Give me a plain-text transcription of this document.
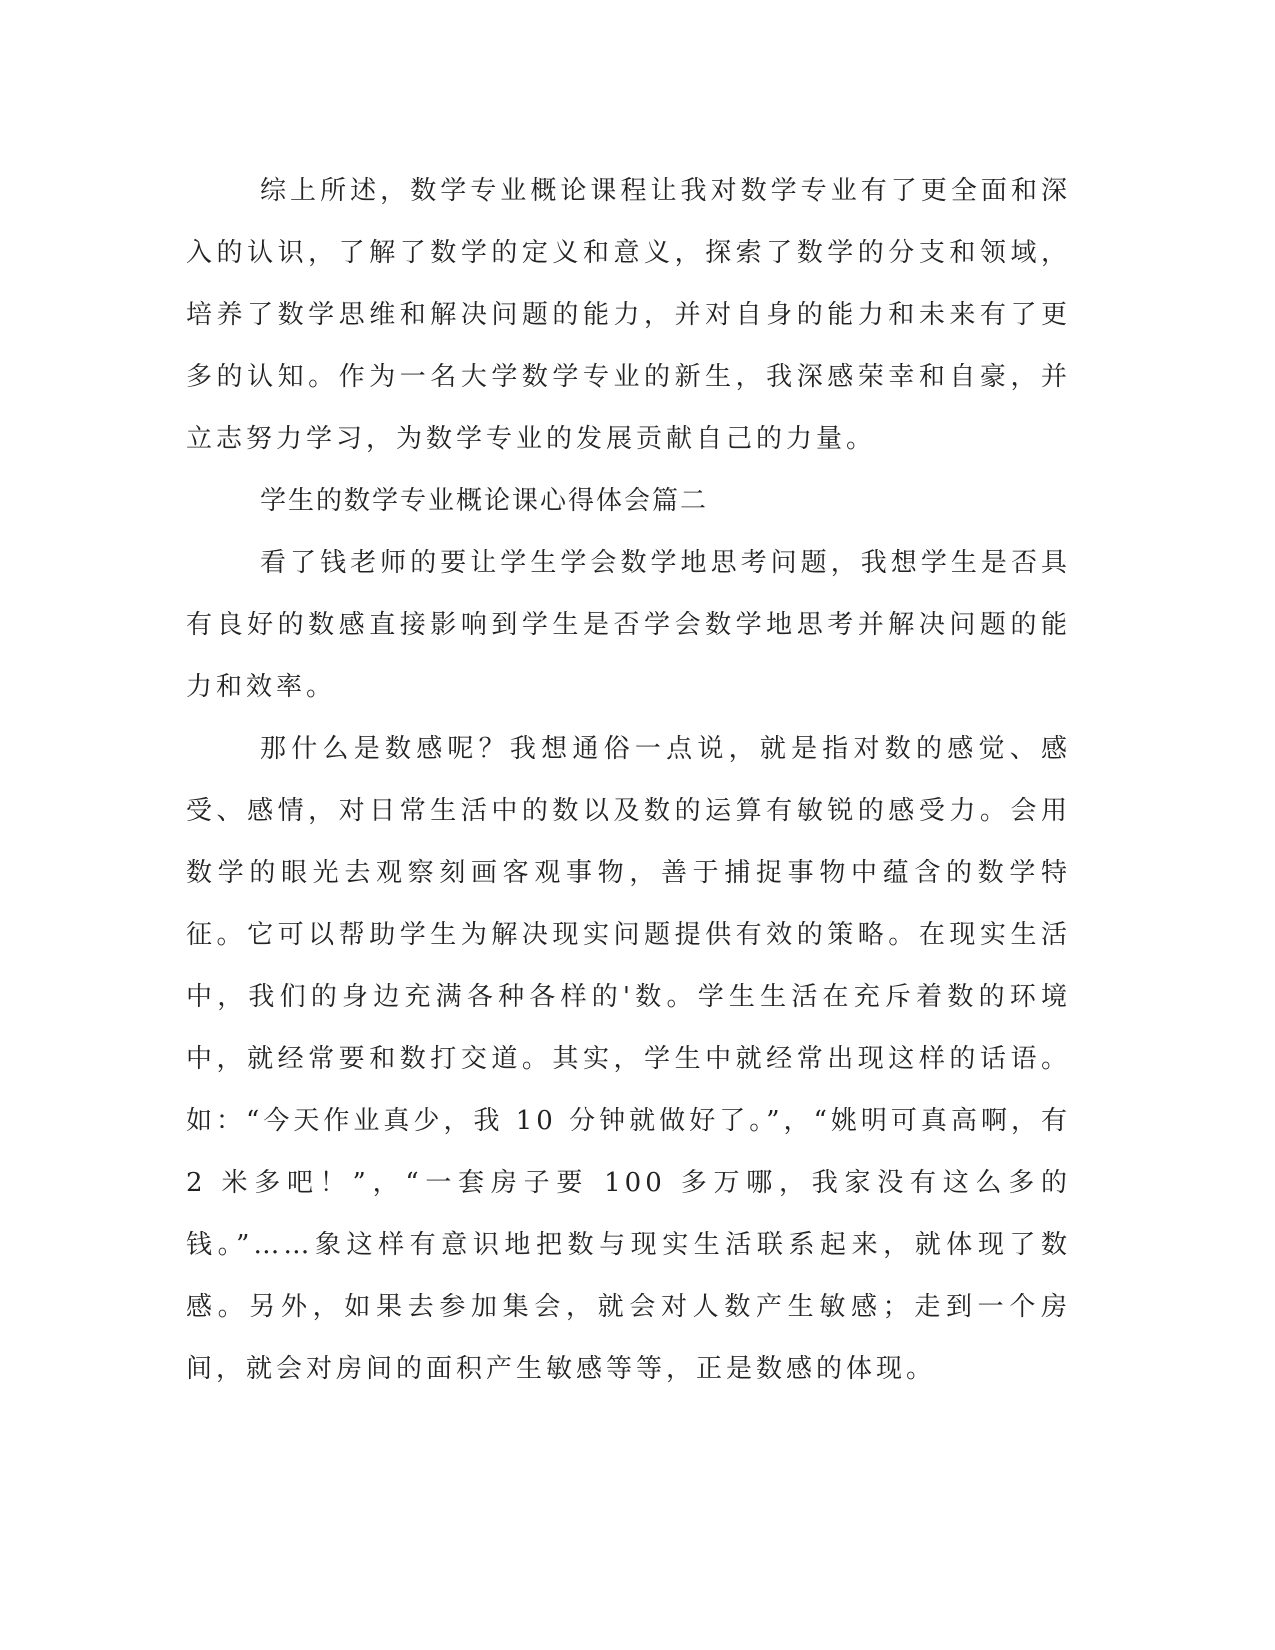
综上所述，数学专业概论课程让我对数学专业有了更全面和深入的认识，了解了数学的定义和意义，探索了数学的分支和领域，培养了数学思维和解决问题的能力，并对自身的能力和未来有了更多的认知。作为一名大学数学专业的新生，我深感荣幸和自豪，并立志努力学习，为数学专业的发展贡献自己的力量。

学生的数学专业概论课心得体会篇二

看了钱老师的要让学生学会数学地思考问题，我想学生是否具有良好的数感直接影响到学生是否学会数学地思考并解决问题的能力和效率。

那什么是数感呢？我想通俗一点说，就是指对数的感觉、感受、感情，对日常生活中的数以及数的运算有敏锐的感受力。会用数学的眼光去观察刻画客观事物，善于捕捉事物中蕴含的数学特征。它可以帮助学生为解决现实问题提供有效的策略。在现实生活中，我们的身边充满各种各样的'数。学生生活在充斥着数的环境中，就经常要和数打交道。其实，学生中就经常出现这样的话语。如：“今天作业真少，我 10 分钟就做好了。”，“姚明可真高啊，有 2 米多吧！”，“一套房子要 100 多万哪，我家没有这么多的钱。”……象这样有意识地把数与现实生活联系起来，就体现了数感。另外，如果去参加集会，就会对人数产生敏感；走到一个房间，就会对房间的面积产生敏感等等，正是数感的体现。
